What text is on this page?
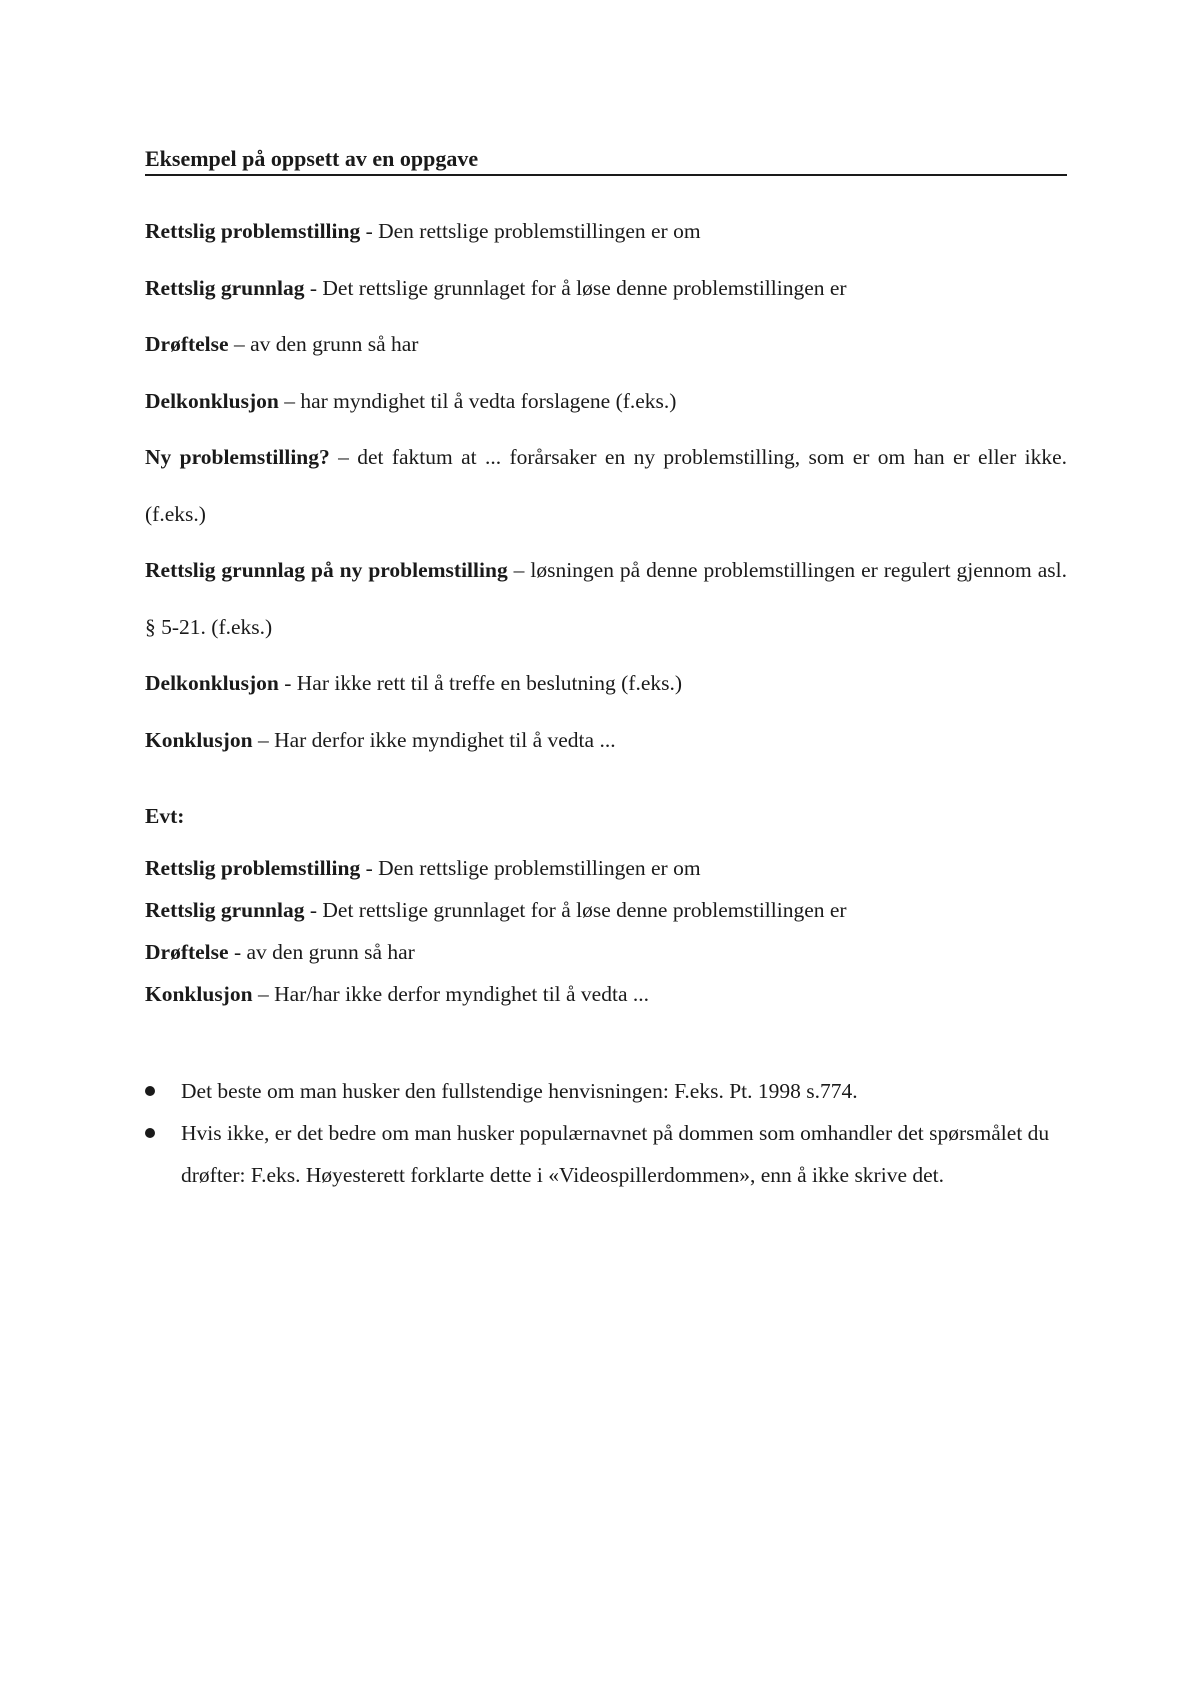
Eksempel på oppsett av en oppgave

Rettslig problemstilling - Den rettslige problemstillingen er om

Rettslig grunnlag - Det rettslige grunnlaget for å løse denne problemstillingen er

Drøftelse – av den grunn så har

Delkonklusjon – har myndighet til å vedta forslagene (f.eks.)

Ny problemstilling? – det faktum at ... forårsaker en ny problemstilling, som er om han er eller ikke. (f.eks.)

Rettslig grunnlag på ny problemstilling – løsningen på denne problemstillingen er regulert gjennom asl. § 5-21. (f.eks.)

Delkonklusjon - Har ikke rett til å treffe en beslutning (f.eks.)

Konklusjon – Har derfor ikke myndighet til å vedta ...

Evt:

Rettslig problemstilling - Den rettslige problemstillingen er om

Rettslig grunnlag - Det rettslige grunnlaget for å løse denne problemstillingen er

Drøftelse - av den grunn så har

Konklusjon – Har/har ikke derfor myndighet til å vedta ...

Det beste om man husker den fullstendige henvisningen: F.eks. Pt. 1998 s.774.
Hvis ikke, er det bedre om man husker populærnavnet på dommen som omhandler det spørsmålet du drøfter: F.eks. Høyesterett forklarte dette i «Videospillerdommen», enn å ikke skrive det.
